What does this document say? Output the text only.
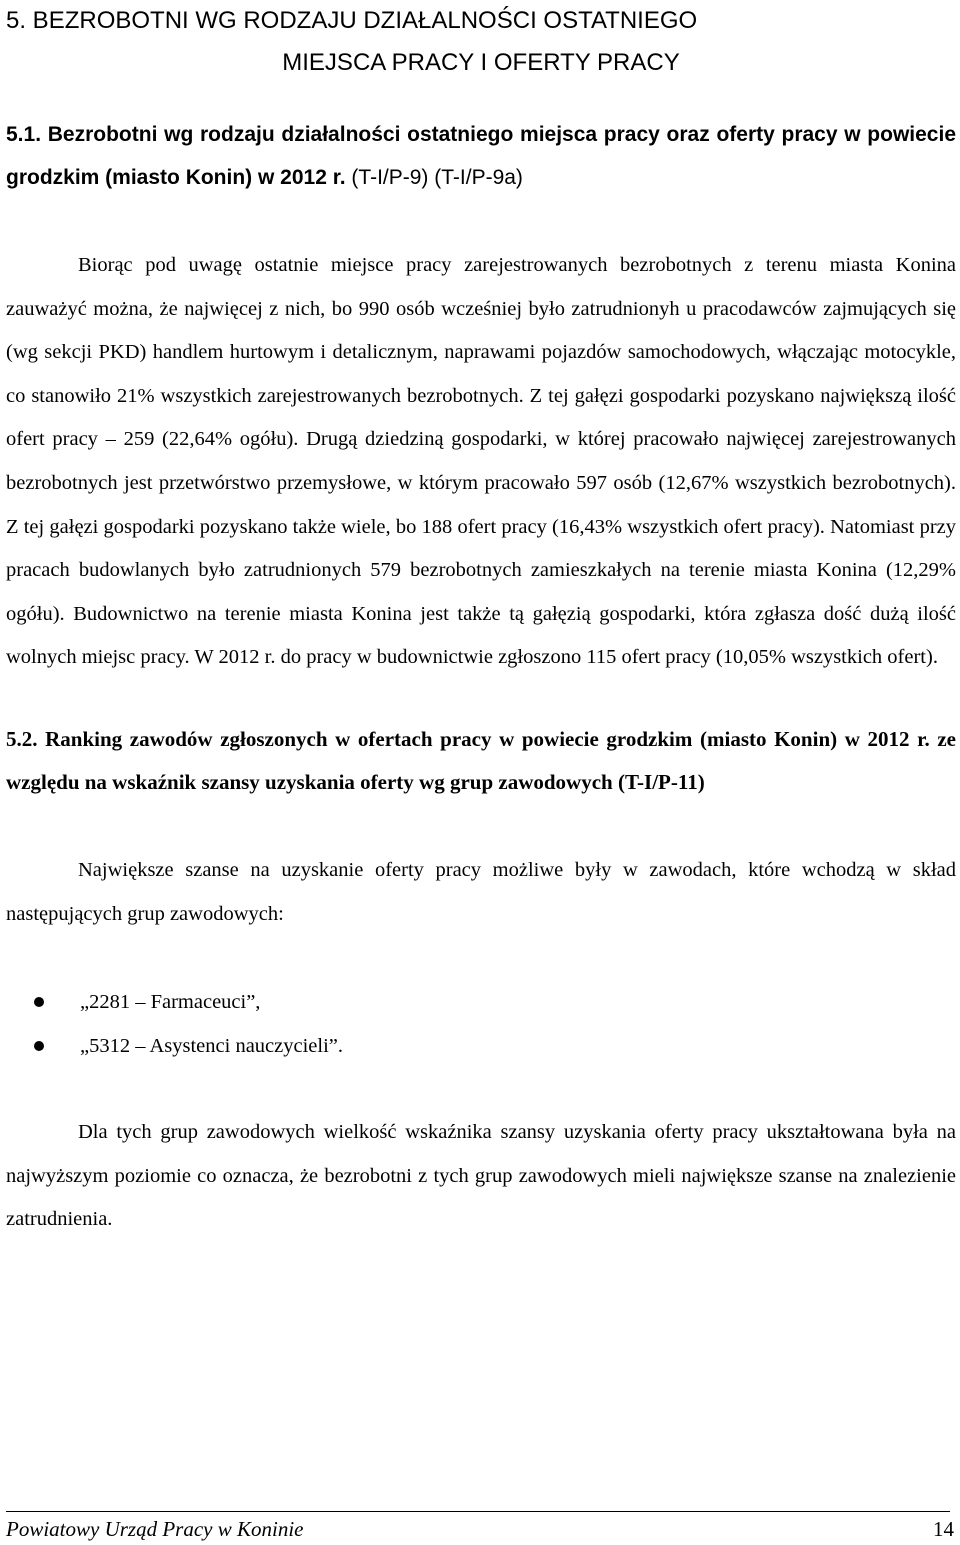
5. BEZROBOTNI WG RODZAJU DZIAŁALNOŚCI OSTATNIEGO
MIEJSCA PRACY I OFERTY PRACY
5.1. Bezrobotni wg rodzaju działalności ostatniego miejsca pracy oraz oferty pracy w powiecie grodzkim (miasto Konin) w 2012 r. (T-I/P-9) (T-I/P-9a)

Biorąc pod uwagę ostatnie miejsce pracy zarejestrowanych bezrobotnych z terenu miasta Konina zauważyć można, że najwięcej z nich, bo 990 osób wcześniej było zatrudnionyh u pracodawców zajmujących się (wg sekcji PKD) handlem hurtowym i detalicznym, naprawami pojazdów samochodowych, włączając motocykle, co stanowiło 21% wszystkich zarejestrowanych bezrobotnych. Z tej gałęzi gospodarki pozyskano największą ilość ofert pracy – 259 (22,64% ogółu). Drugą dziedziną gospodarki, w której pracowało najwięcej zarejestrowanych bezrobotnych jest przetwórstwo przemysłowe, w którym pracowało 597 osób (12,67% wszystkich bezrobotnych). Z tej gałęzi gospodarki pozyskano także wiele, bo 188 ofert pracy (16,43% wszystkich ofert pracy). Natomiast przy pracach budowlanych było zatrudnionych 579 bezrobotnych zamieszkałych na terenie miasta Konina (12,29% ogółu). Budownictwo na terenie miasta Konina jest także tą gałęzią gospodarki, która zgłasza dość dużą ilość wolnych miejsc pracy. W 2012 r. do pracy w budownictwie zgłoszono 115 ofert pracy (10,05% wszystkich ofert).

5.2. Ranking zawodów zgłoszonych w ofertach pracy w powiecie grodzkim (miasto Konin) w 2012 r. ze względu na wskaźnik szansy uzyskania oferty wg grup zawodowych (T-I/P-11)

Największe szanse na uzyskanie oferty pracy możliwe były w zawodach, które wchodzą w skład następujących grup zawodowych:

„2281 – Farmaceuci”,
„5312 – Asystenci nauczycieli”.

Dla tych grup zawodowych wielkość wskaźnika szansy uzyskania oferty pracy ukształtowana była na najwyższym poziomie co oznacza, że bezrobotni z tych grup zawodowych mieli największe szanse na znalezienie zatrudnienia.

Powiatowy Urząd Pracy w Koninie	14
